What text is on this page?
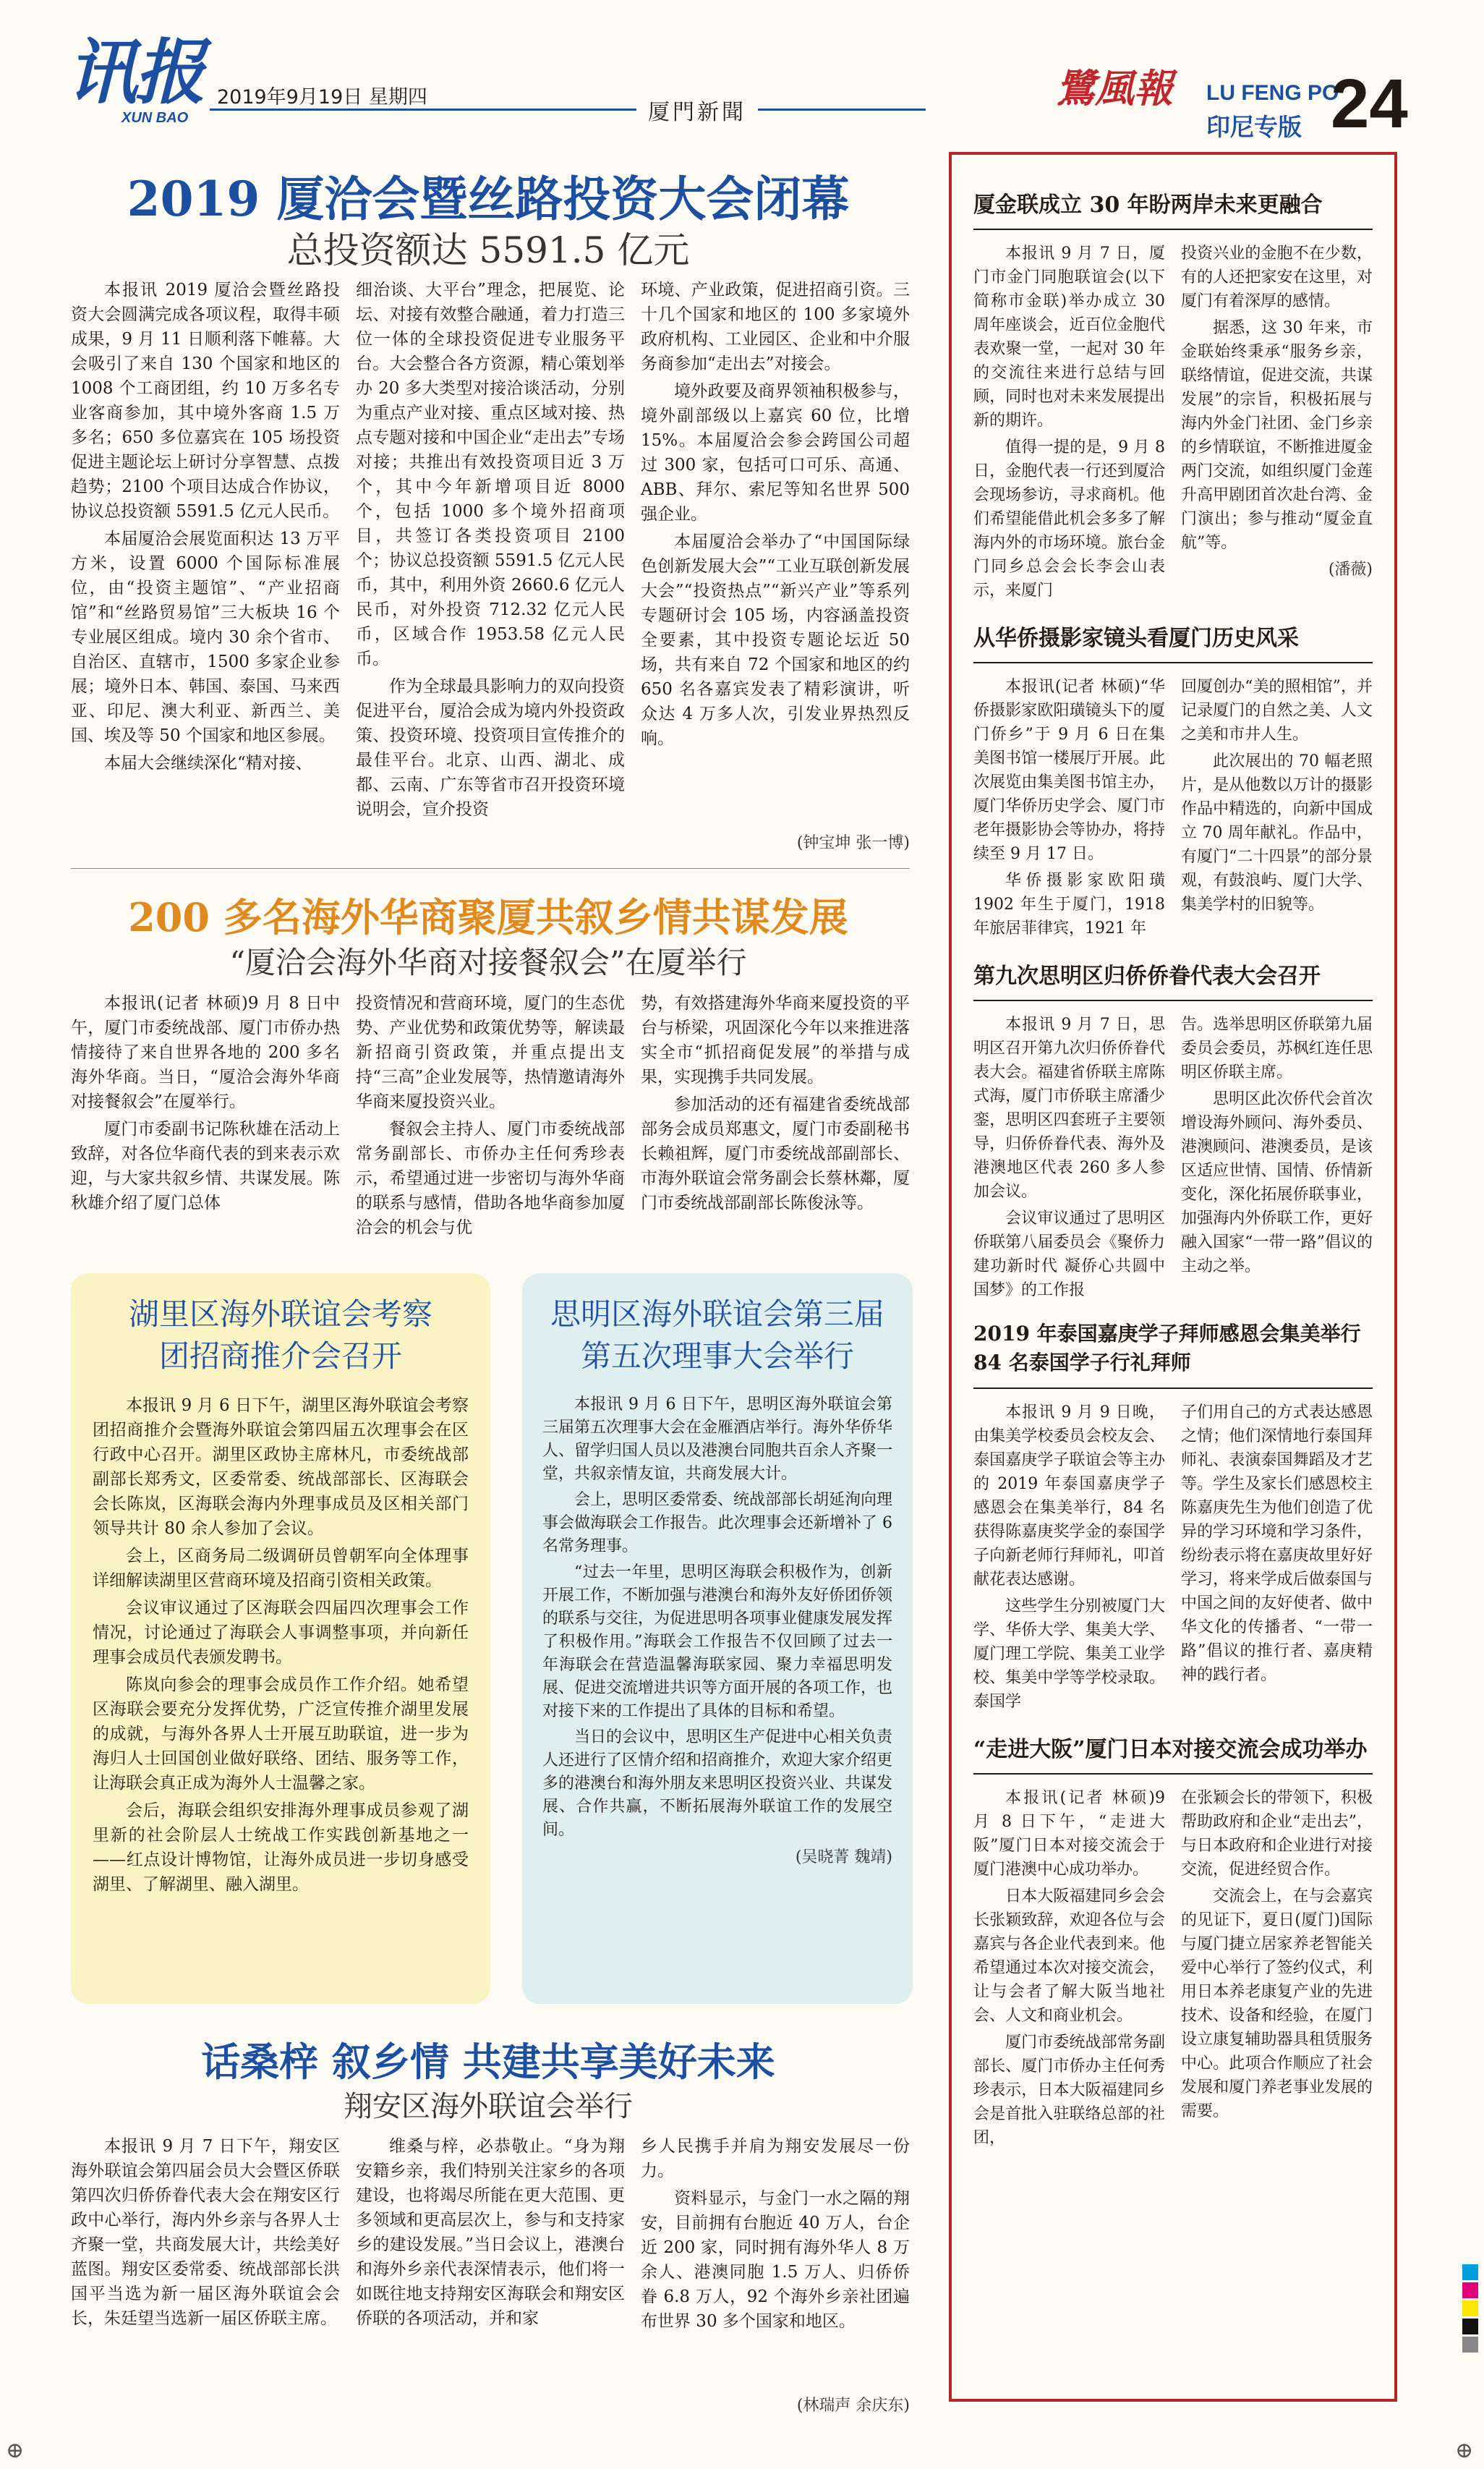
讯报
XUN BAO
2019年9月19日 星期四
厦門新聞
鷺風報 LU FENG PO
印尼专版 24
2019 厦洽会暨丝路投资大会闭幕
总投资额达 5591.5 亿元

本报讯 2019 厦洽会暨丝路投资大会圆满完成各项议程，取得丰硕成果，9 月 11 日顺利落下帷幕。大会吸引了来自 130 个国家和地区的 1008 个工商团组，约 10 万多名专业客商参加，其中境外客商 1.5 万多名；650 多位嘉宾在 105 场投资促进主题论坛上研讨分享智慧、点拨趋势；2100 个项目达成合作协议，协议总投资额 5591.5 亿元人民币。

本届厦洽会展览面积达 13 万平方米，设置 6000 个国际标准展位，由“投资主题馆”、“产业招商馆”和“丝路贸易馆”三大板块 16 个专业展区组成。境内 30 余个省市、自治区、直辖市，1500 多家企业参展；境外日本、韩国、泰国、马来西亚、印尼、澳大利亚、新西兰、美国、埃及等 50 个国家和地区参展。

本届大会继续深化“精对接、

细治谈、大平台”理念，把展览、论坛、对接有效整合融通，着力打造三位一体的全球投资促进专业服务平台。大会整合各方资源，精心策划举办 20 多大类型对接洽谈活动，分别为重点产业对接、重点区域对接、热点专题对接和中国企业“走出去”专场对接；共推出有效投资项目近 3 万个，其中今年新增项目近 8000 个，包括 1000 多个境外招商项目，共签订各类投资项目 2100 个；协议总投资额 5591.5 亿元人民币，其中，利用外资 2660.6 亿元人民币，对外投资 712.32 亿元人民币，区域合作 1953.58 亿元人民币。

作为全球最具影响力的双向投资促进平台，厦洽会成为境内外投资政策、投资环境、投资项目宣传推介的最佳平台。北京、山西、湖北、成都、云南、广东等省市召开投资环境说明会，宣介投资

环境、产业政策，促进招商引资。三十几个国家和地区的 100 多家境外政府机构、工业园区、企业和中介服务商参加“走出去”对接会。

境外政要及商界领袖积极参与，境外副部级以上嘉宾 60 位，比增 15%。本届厦洽会参会跨国公司超过 300 家，包括可口可乐、高通、ABB、拜尔、索尼等知名世界 500 强企业。

本届厦洽会举办了“中国国际绿色创新发展大会”“工业互联创新发展大会”“投资热点”“新兴产业”等系列专题研讨会 105 场，内容涵盖投资全要素，其中投资专题论坛近 50 场，共有来自 72 个国家和地区的约 650 名各嘉宾发表了精彩演讲，听众达 4 万多人次，引发业界热烈反响。

(钟宝坤 张一博)
200 多名海外华商聚厦共叙乡情共谋发展
“厦洽会海外华商对接餐叙会”在厦举行

本报讯(记者 林硕)9 月 8 日中午，厦门市委统战部、厦门市侨办热情接待了来自世界各地的 200 多名海外华商。当日，“厦洽会海外华商对接餐叙会”在厦举行。

厦门市委副书记陈秋雄在活动上致辞，对各位华商代表的到来表示欢迎，与大家共叙乡情、共谋发展。陈秋雄介绍了厦门总体

投资情况和营商环境，厦门的生态优势、产业优势和政策优势等，解读最新招商引资政策，并重点提出支持“三高”企业发展等，热情邀请海外华商来厦投资兴业。

餐叙会主持人、厦门市委统战部常务副部长、市侨办主任何秀珍表示，希望通过进一步密切与海外华商的联系与感情，借助各地华商参加厦洽会的机会与优

势，有效搭建海外华商来厦投资的平台与桥梁，巩固深化今年以来推进落实全市“抓招商促发展”的举措与成果，实现携手共同发展。

参加活动的还有福建省委统战部部务会成员郑惠文，厦门市委副秘书长赖祖辉，厦门市委统战部副部长、市海外联谊会常务副会长蔡林鄰，厦门市委统战部副部长陈俊泳等。

湖里区海外联谊会考察团招商推介会召开

本报讯 9 月 6 日下午，湖里区海外联谊会考察团招商推介会暨海外联谊会第四届五次理事会在区行政中心召开。湖里区政协主席林凡，市委统战部副部长郑秀文，区委常委、统战部部长、区海联会会长陈岚，区海联会海内外理事成员及区相关部门领导共计 80 余人参加了会议。

会上，区商务局二级调研员曾朝军向全体理事详细解读湖里区营商环境及招商引资相关政策。

会议审议通过了区海联会四届四次理事会工作情况，讨论通过了海联会人事调整事项，并向新任理事会成员代表颁发聘书。

陈岚向参会的理事会成员作工作介绍。她希望区海联会要充分发挥优势，广泛宣传推介湖里发展的成就，与海外各界人士开展互助联谊，进一步为海归人士回国创业做好联络、团结、服务等工作，让海联会真正成为海外人士温馨之家。

会后，海联会组织安排海外理事成员参观了湖里新的社会阶层人士统战工作实践创新基地之一——红点设计博物馆，让海外成员进一步切身感受湖里、了解湖里、融入湖里。

思明区海外联谊会第三届第五次理事大会举行

本报讯 9 月 6 日下午，思明区海外联谊会第三届第五次理事大会在金雁酒店举行。海外华侨华人、留学归国人员以及港澳台同胞共百余人齐聚一堂，共叙亲情友谊，共商发展大计。

会上，思明区委常委、统战部部长胡延洵向理事会做海联会工作报告。此次理事会还新增补了 6 名常务理事。

“过去一年里，思明区海联会积极作为，创新开展工作，不断加强与港澳台和海外友好侨团侨领的联系与交往，为促进思明各项事业健康发展发挥了积极作用。”海联会工作报告不仅回顾了过去一年海联会在营造温馨海联家园、聚力幸福思明发展、促进交流增进共识等方面开展的各项工作，也对接下来的工作提出了具体的目标和希望。

当日的会议中，思明区生产促进中心相关负责人还进行了区情介绍和招商推介，欢迎大家介绍更多的港澳台和海外朋友来思明区投资兴业、共谋发展、合作共赢，不断拓展海外联谊工作的发展空间。

(吴晓菁 魏靖)
话桑梓 叙乡情 共建共享美好未来
翔安区海外联谊会举行

本报讯 9 月 7 日下午，翔安区海外联谊会第四届会员大会暨区侨联第四次归侨侨眷代表大会在翔安区行政中心举行，海内外乡亲与各界人士齐聚一堂，共商发展大计，共绘美好蓝图。翔安区委常委、统战部部长洪国平当选为新一届区海外联谊会会长，朱廷望当选新一届区侨联主席。

维桑与梓，必恭敬止。“身为翔安籍乡亲，我们特别关注家乡的各项建设，也将竭尽所能在更大范围、更多领域和更高层次上，参与和支持家乡的建设发展。”当日会议上，港澳台和海外乡亲代表深情表示，他们将一如既往地支持翔安区海联会和翔安区侨联的各项活动，并和家

乡人民携手并肩为翔安发展尽一份力。

资料显示，与金门一水之隔的翔安，目前拥有台胞近 40 万人，台企近 200 家，同时拥有海外华人 8 万余人、港澳同胞 1.5 万人、归侨侨眷 6.8 万人，92 个海外乡亲社团遍布世界 30 多个国家和地区。

(林瑞声 余庆东)
厦金联成立 30 年盼两岸未来更融合

本报讯 9 月 7 日，厦门市金门同胞联谊会(以下简称市金联)举办成立 30 周年座谈会，近百位金胞代表欢聚一堂，一起对 30 年的交流往来进行总结与回顾，同时也对未来发展提出新的期许。

值得一提的是，9 月 8 日，金胞代表一行还到厦洽会现场参访，寻求商机。他们希望能借此机会多多了解海内外的市场环境。旅台金门同乡总会会长李会山表示，来厦门

投资兴业的金胞不在少数，有的人还把家安在这里，对厦门有着深厚的感情。

据悉，这 30 年来，市金联始终秉承“服务乡亲，联络情谊，促进交流，共谋发展”的宗旨，积极拓展与海内外金门社团、金门乡亲的乡情联谊，不断推进厦金两门交流，如组织厦门金莲升高甲剧团首次赴台湾、金门演出；参与推动“厦金直航”等。

(潘薇)
从华侨摄影家镜头看厦门历史风采

本报讯(记者 林硕)“华侨摄影家欧阳璜镜头下的厦门侨乡”于 9 月 6 日在集美图书馆一楼展厅开展。此次展览由集美图书馆主办，厦门华侨历史学会、厦门市老年摄影协会等协办，将持续至 9 月 17 日。

华侨摄影家欧阳璜 1902 年生于厦门，1918 年旅居菲律宾，1921 年

回厦创办“美的照相馆”，并记录厦门的自然之美、人文之美和市井人生。

此次展出的 70 幅老照片，是从他数以万计的摄影作品中精选的，向新中国成立 70 周年献礼。作品中，有厦门“二十四景”的部分景观，有鼓浪屿、厦门大学、集美学村的旧貌等。

第九次思明区归侨侨眷代表大会召开

本报讯 9 月 7 日，思明区召开第九次归侨侨眷代表大会。福建省侨联主席陈式海，厦门市侨联主席潘少銮，思明区四套班子主要领导，归侨侨眷代表、海外及港澳地区代表 260 多人参加会议。

会议审议通过了思明区侨联第八届委员会《聚侨力建功新时代 凝侨心共圆中国梦》的工作报

告。选举思明区侨联第九届委员会委员，苏枫红连任思明区侨联主席。

思明区此次侨代会首次增设海外顾问、海外委员、港澳顾问、港澳委员，是该区适应世情、国情、侨情新变化，深化拓展侨联事业，加强海内外侨联工作，更好融入国家“一带一路”倡议的主动之举。

2019 年泰国嘉庚学子拜师感恩会集美举行 84 名泰国学子行礼拜师

本报讯 9 月 9 日晚，由集美学校委员会校友会、泰国嘉庚学子联谊会等主办的 2019 年泰国嘉庚学子感恩会在集美举行，84 名获得陈嘉庚奖学金的泰国学子向新老师行拜师礼，叩首献花表达感谢。

这些学生分别被厦门大学、华侨大学、集美大学、厦门理工学院、集美工业学校、集美中学等学校录取。泰国学

子们用自己的方式表达感恩之情；他们深情地行泰国拜师礼、表演泰国舞蹈及才艺等。学生及家长们感恩校主陈嘉庚先生为他们创造了优异的学习环境和学习条件，纷纷表示将在嘉庚故里好好学习，将来学成后做泰国与中国之间的友好使者、做中华文化的传播者、“一带一路”倡议的推行者、嘉庚精神的践行者。

“走进大阪”厦门日本对接交流会成功举办

本报讯(记者 林硕)9 月 8 日下午，“走进大阪”厦门日本对接交流会于厦门港澳中心成功举办。

日本大阪福建同乡会会长张颖致辞，欢迎各位与会嘉宾与各企业代表到来。他希望通过本次对接交流会，让与会者了解大阪当地社会、人文和商业机会。

厦门市委统战部常务副部长、厦门市侨办主任何秀珍表示，日本大阪福建同乡会是首批入驻联络总部的社团，

在张颖会长的带领下，积极帮助政府和企业“走出去”，与日本政府和企业进行对接交流，促进经贸合作。

交流会上，在与会嘉宾的见证下，夏日(厦门)国际与厦门捷立居家养老智能关爱中心举行了签约仪式，利用日本养老康复产业的先进技术、设备和经验，在厦门设立康复辅助器具租赁服务中心。此项合作顺应了社会发展和厦门养老事业发展的需要。

⊕	⊕
